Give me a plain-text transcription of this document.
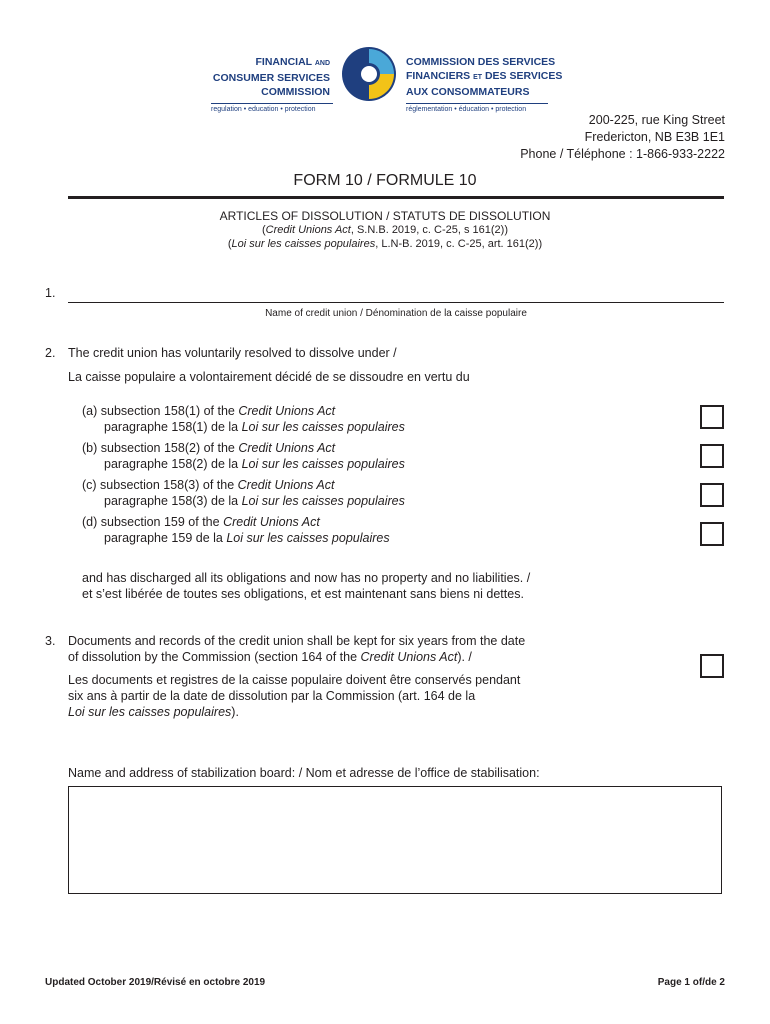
FINANCIAL AND
CONSUMER SERVICES
COMMISSION
regulation • education • protection
COMMISSION DES SERVICES
FINANCIERS ET DES SERVICES
AUX CONSOMMATEURS
réglementation • éducation • protection
200-225, rue King Street
Fredericton, NB E3B 1E1
Phone / Téléphone : 1-866-933-2222
FORM 10 / FORMULE 10
ARTICLES OF DISSOLUTION / STATUTS DE DISSOLUTION
(Credit Unions Act, S.N.B. 2019, c. C-25, s 161(2))
(Loi sur les caisses populaires, L.N-B. 2019, c. C-25, art. 161(2))
1.
Name of credit union / Dénomination de la caisse populaire
2. The credit union has voluntarily resolved to dissolve under /
La caisse populaire a volontairement décidé de se dissoudre en vertu du
(a) subsection 158(1) of the Credit Unions Act
paragraphe 158(1) de la Loi sur les caisses populaires
(b) subsection 158(2) of the Credit Unions Act
paragraphe 158(2) de la Loi sur les caisses populaires
(c) subsection 158(3) of the Credit Unions Act
paragraphe 158(3) de la Loi sur les caisses populaires
(d) subsection 159 of the Credit Unions Act
paragraphe 159 de la Loi sur les caisses populaires
and has discharged all its obligations and now has no property and no liabilities. /
et s’est libérée de toutes ses obligations, et est maintenant sans biens ni dettes.
3. Documents and records of the credit union shall be kept for six years from the date
of dissolution by the Commission (section 164 of the Credit Unions Act). /
Les documents et registres de la caisse populaire doivent être conservés pendant
six ans à partir de la date de dissolution par la Commission (art. 164 de la
Loi sur les caisses populaires).
Name and address of stabilization board: / Nom et adresse de l’office de stabilisation:
Updated October 2019/Révisé en octobre 2019	Page 1 of/de 2
